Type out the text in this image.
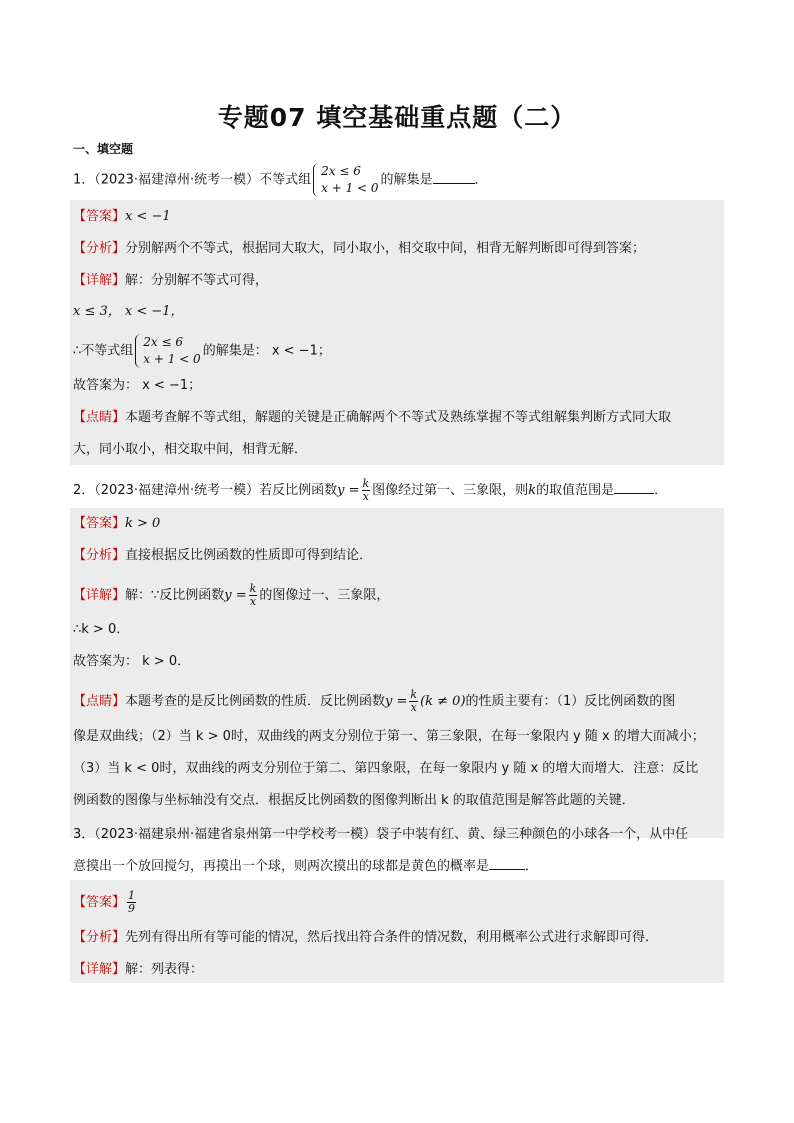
专题07 填空基础重点题（二）
一、填空题
1．（2023·福建漳州·统考一模）不等式组
2x ≤ 6
x + 1 < 0
的解集是	．
【答案】x < −1
【分析】分别解两个不等式，根据同大取大，同小取小，相交取中间，相背无解判断即可得到答案；
【详解】解：分别解不等式可得，
x ≤ 3， x < −1，
∴不等式组
2x ≤ 6
x + 1 < 0
的解集是： x < −1；
故答案为： x < −1；
【点睛】本题考查解不等式组，解题的关键是正确解两个不等式及熟练掌握不等式组解集判断方式同大取
大，同小取小，相交取中间，相背无解．
2．（2023·福建漳州·统考一模）若反比例函数$y = \frac{k}{x}$ 图像经过第一、三象限，则k的取值范围是	．
【答案】k > 0
【分析】直接根据反比例函数的性质即可得到结论．
【详解】解：∵反比例函数$y = \frac{k}{x}$ 的图像过一、三象限，
∴k > 0．
故答案为： k > 0．
【点睛】本题考查的是反比例函数的性质．反比例函数$y = \frac{k}{x} (k \ne 0)$的性质主要有：（1）反比例函数的图
像是双曲线；（2）当 k > 0时，双曲线的两支分别位于第一、第三象限，在每一象限内 y 随 x 的增大而减小；
（3）当 k < 0时，双曲线的两支分别位于第二、第四象限，在每一象限内 y 随 x 的增大而增大．注意：反比
例函数的图像与坐标轴没有交点．根据反比例函数的图像判断出 k 的取值范围是解答此题的关键．
3．（2023·福建泉州·福建省泉州第一中学校考一模）袋子中装有红、黄、绿三种颜色的小球各一个，从中任
意摸出一个放回搅匀，再摸出一个球，则两次摸出的球都是黄色的概率是	．
【答案】 $\frac{1}{9}$
【分析】先列有得出所有等可能的情况，然后找出符合条件的情况数，利用概率公式进行求解即可得．
【详解】解：列表得：
